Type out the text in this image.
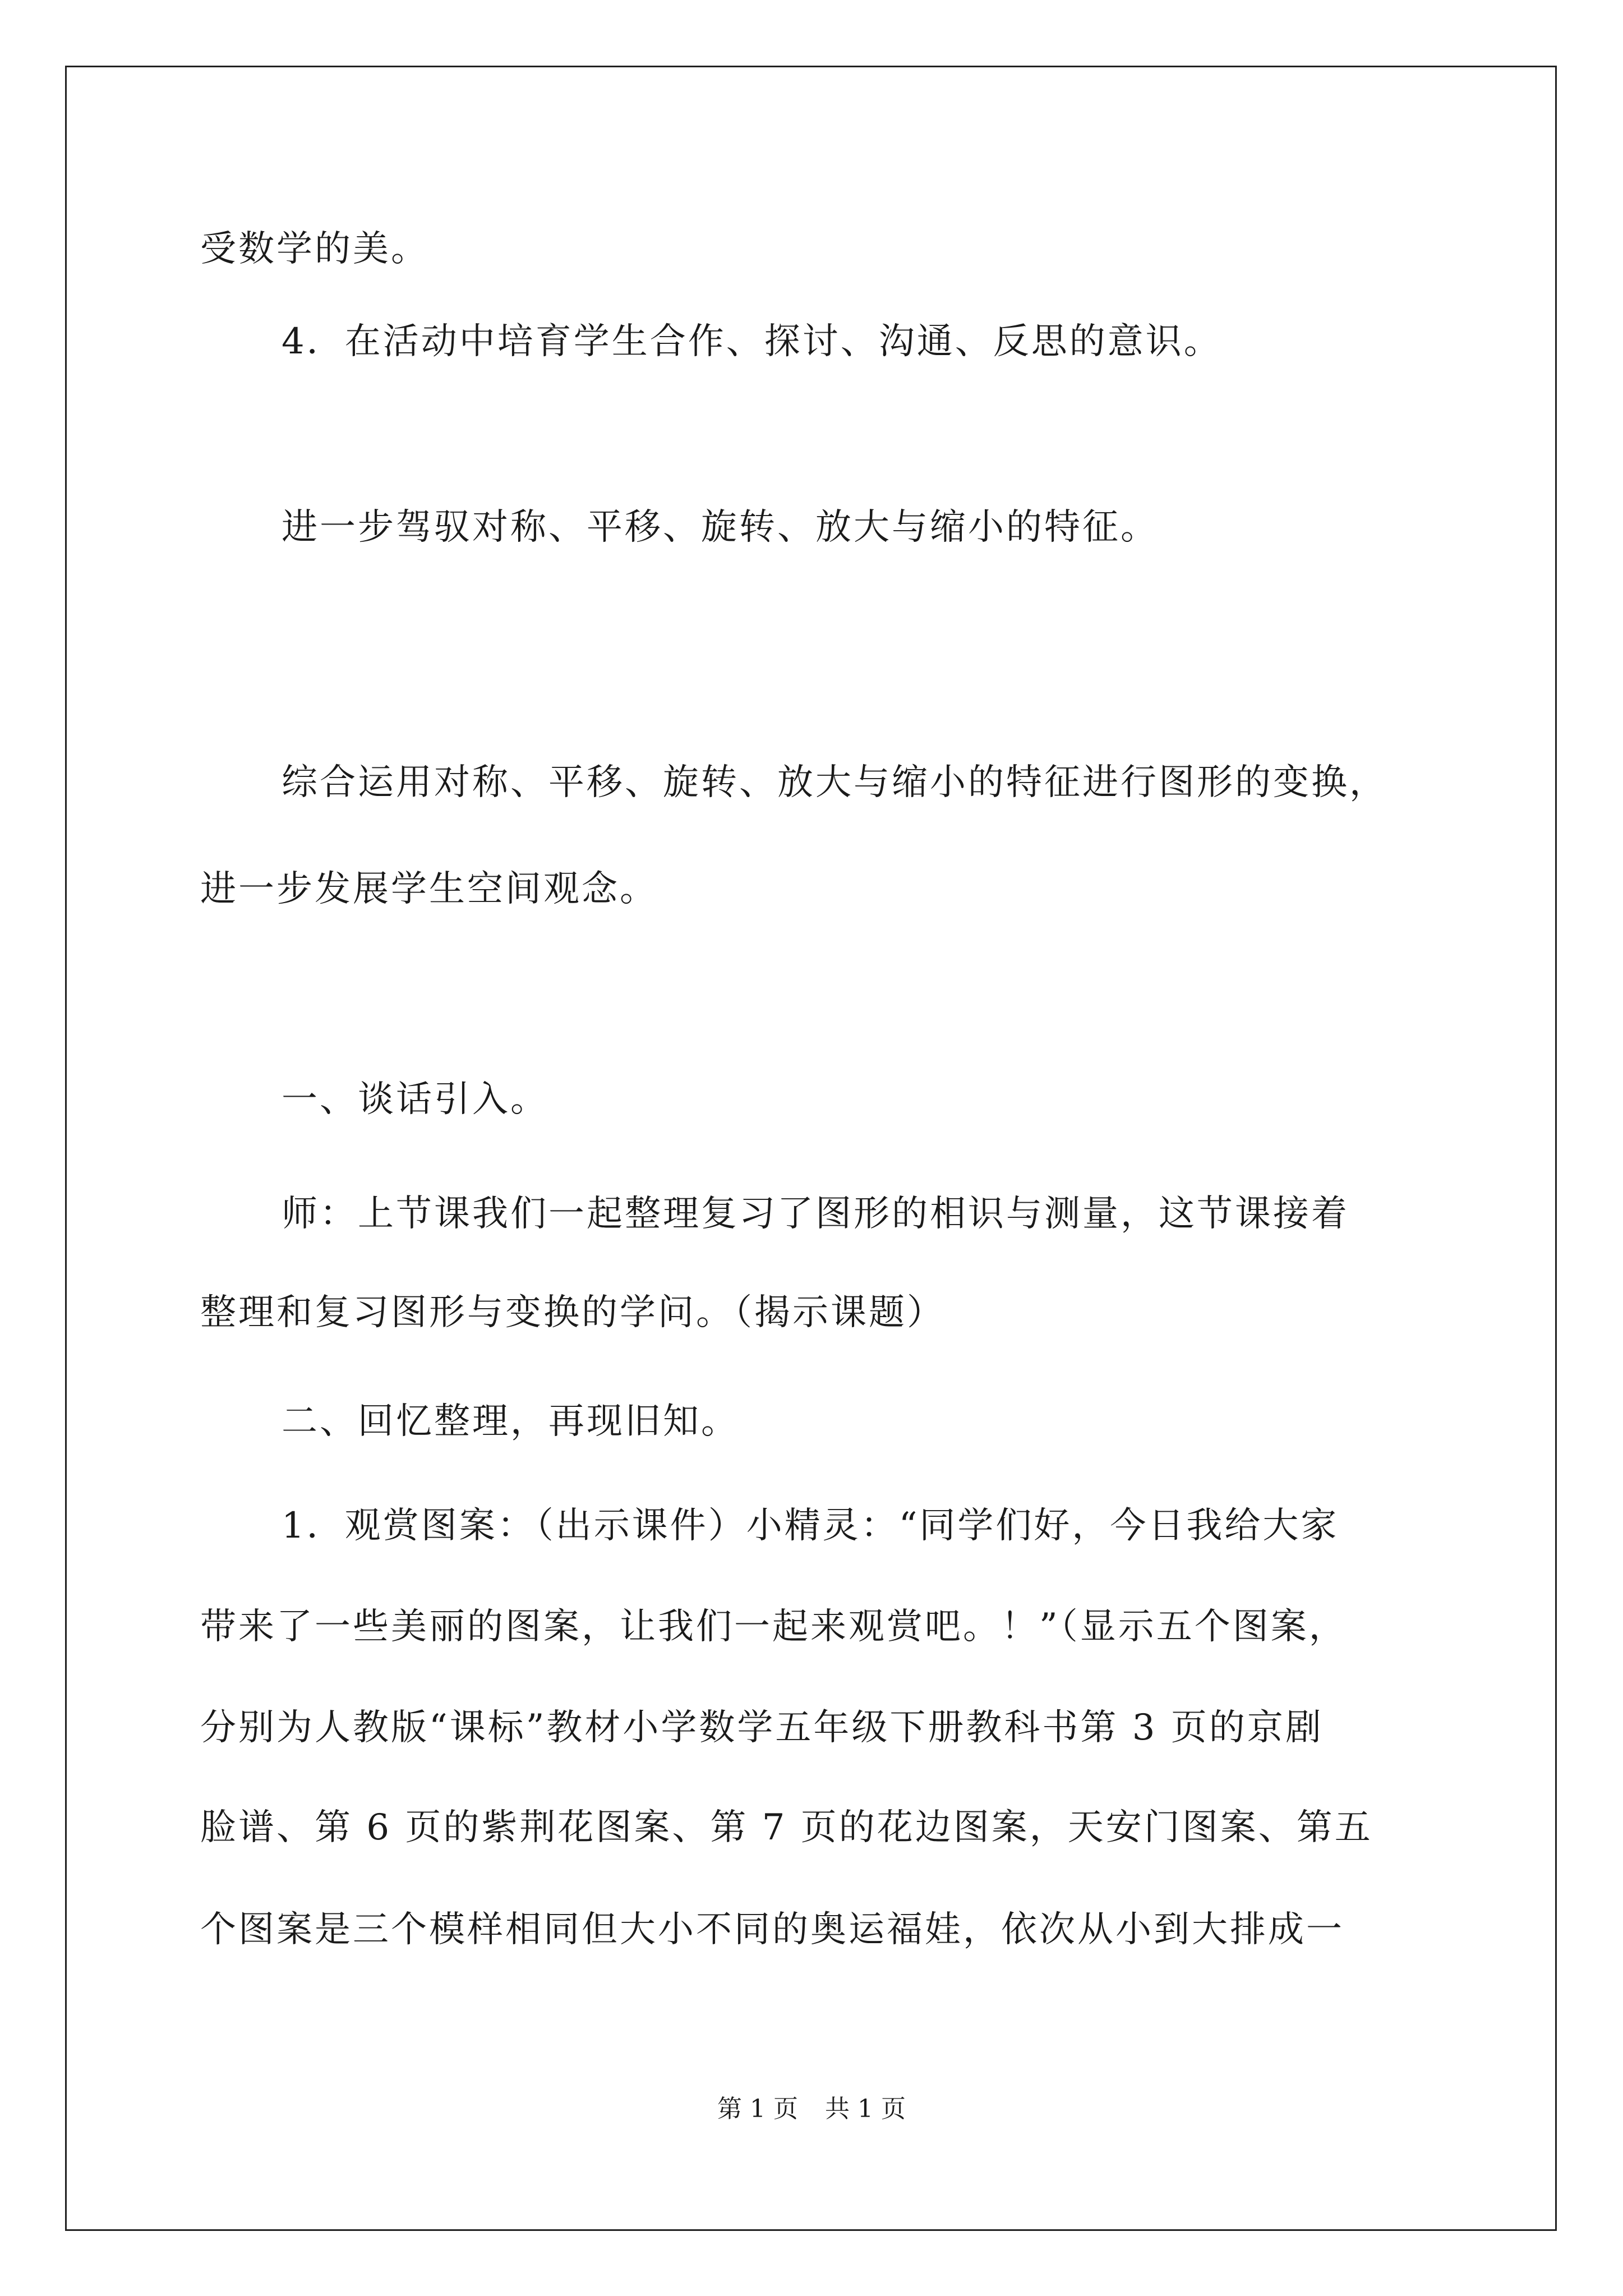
受数学的美。
4．在活动中培育学生合作、探讨、沟通、反思的意识。
进一步驾驭对称、平移、旋转、放大与缩小的特征。
综合运用对称、平移、旋转、放大与缩小的特征进行图形的变换，
进一步发展学生空间观念。
一、谈话引入。
师：上节课我们一起整理复习了图形的相识与测量，这节课接着
整理和复习图形与变换的学问。（揭示课题）
二、回忆整理，再现旧知。
1．观赏图案：（出示课件）小精灵：“同学们好，今日我给大家
带来了一些美丽的图案，让我们一起来观赏吧。！”（显示五个图案，
分别为人教版“课标”教材小学数学五年级下册教科书第 3 页的京剧
脸谱、第 6 页的紫荆花图案、第 7 页的花边图案，天安门图案、第五
个图案是三个模样相同但大小不同的奥运福娃，依次从小到大排成一
第 1 页 共 1 页
